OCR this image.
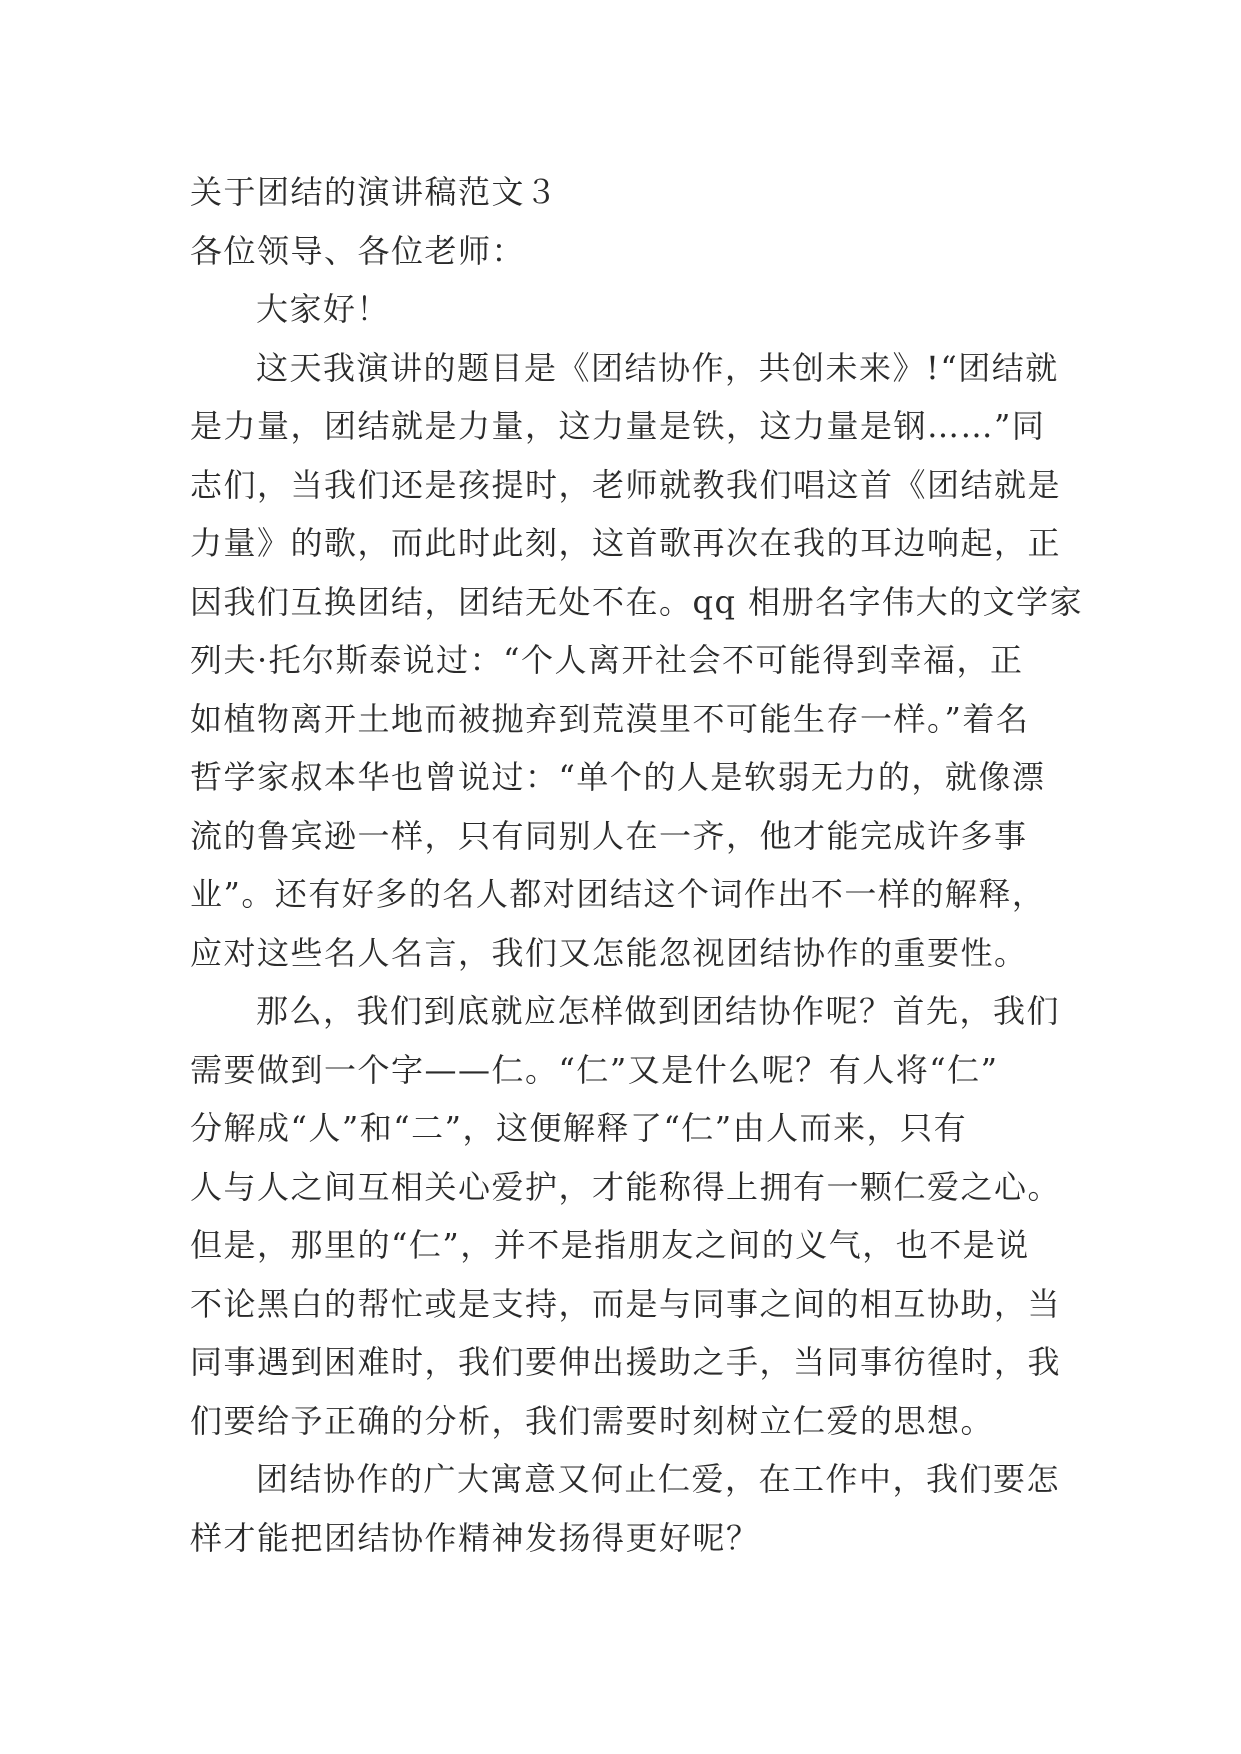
关于团结的演讲稿范文３
各位领导、各位老师：
大家好！
这天我演讲的题目是《团结协作，共创未来》!“团结就
是力量，团结就是力量，这力量是铁，这力量是钢……”同
志们，当我们还是孩提时，老师就教我们唱这首《团结就是
力量》的歌，而此时此刻，这首歌再次在我的耳边响起，正
因我们互换团结，团结无处不在。qq 相册名字伟大的文学家
列夫·托尔斯泰说过：“个人离开社会不可能得到幸福，正
如植物离开土地而被抛弃到荒漠里不可能生存一样。”着名
哲学家叔本华也曾说过：“单个的人是软弱无力的，就像漂
流的鲁宾逊一样，只有同别人在一齐，他才能完成许多事
业”。还有好多的名人都对团结这个词作出不一样的解释，
应对这些名人名言，我们又怎能忽视团结协作的重要性。
那么，我们到底就应怎样做到团结协作呢？首先，我们
需要做到一个字——仁。“仁”又是什么呢？有人将“仁”
分解成“人”和“二”，这便解释了“仁”由人而来，只有
人与人之间互相关心爱护，才能称得上拥有一颗仁爱之心。
但是，那里的“仁”，并不是指朋友之间的义气，也不是说
不论黑白的帮忙或是支持，而是与同事之间的相互协助，当
同事遇到困难时，我们要伸出援助之手，当同事彷徨时，我
们要给予正确的分析，我们需要时刻树立仁爱的思想。
团结协作的广大寓意又何止仁爱，在工作中，我们要怎
样才能把团结协作精神发扬得更好呢？
